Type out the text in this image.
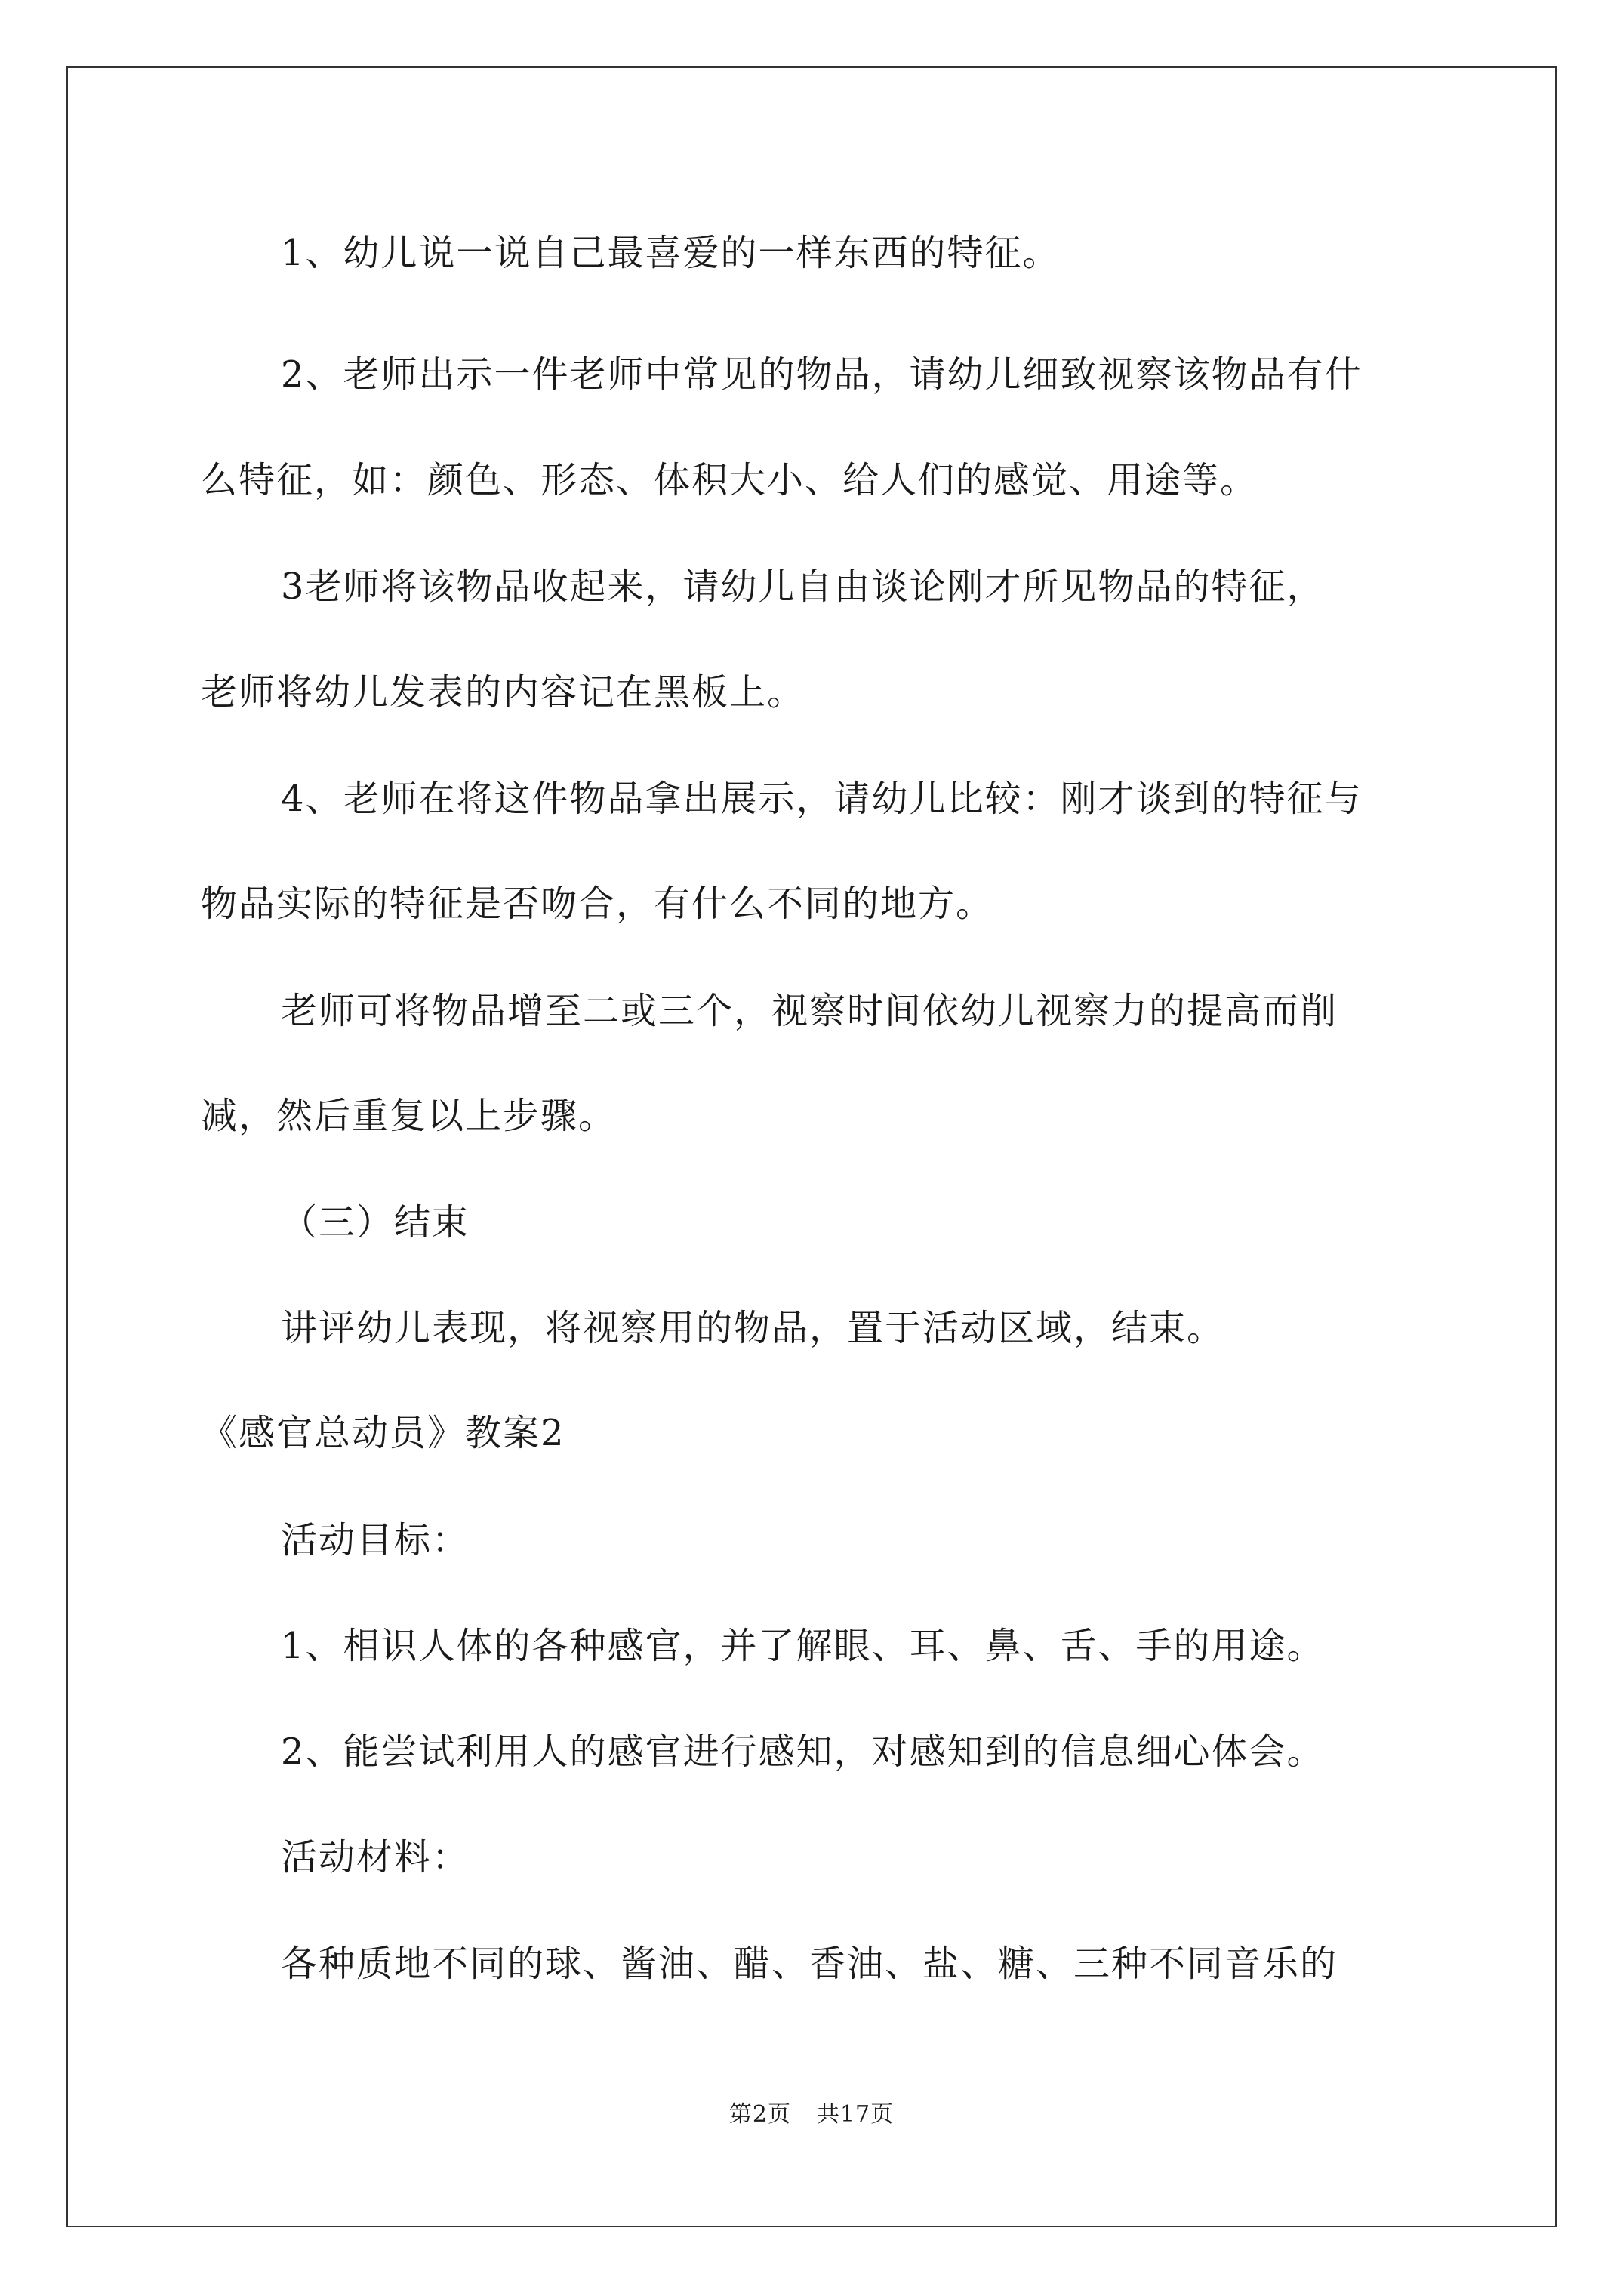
1、幼儿说一说自己最喜爱的一样东西的特征。
2、老师出示一件老师中常见的物品，请幼儿细致视察该物品有什
么特征，如：颜色、形态、体积大小、给人们的感觉、用途等。
3老师将该物品收起来，请幼儿自由谈论刚才所见物品的特征，
老师将幼儿发表的内容记在黑板上。
4、老师在将这件物品拿出展示，请幼儿比较：刚才谈到的特征与
物品实际的特征是否吻合，有什么不同的地方。
老师可将物品增至二或三个，视察时间依幼儿视察力的提高而削
减，然后重复以上步骤。
（三）结束
讲评幼儿表现，将视察用的物品，置于活动区域，结束。
《感官总动员》教案2
活动目标：
1、相识人体的各种感官，并了解眼、耳、鼻、舌、手的用途。
2、能尝试利用人的感官进行感知，对感知到的信息细心体会。
活动材料：
各种质地不同的球、酱油、醋、香油、盐、糖、三种不同音乐的
第2页 共17页
